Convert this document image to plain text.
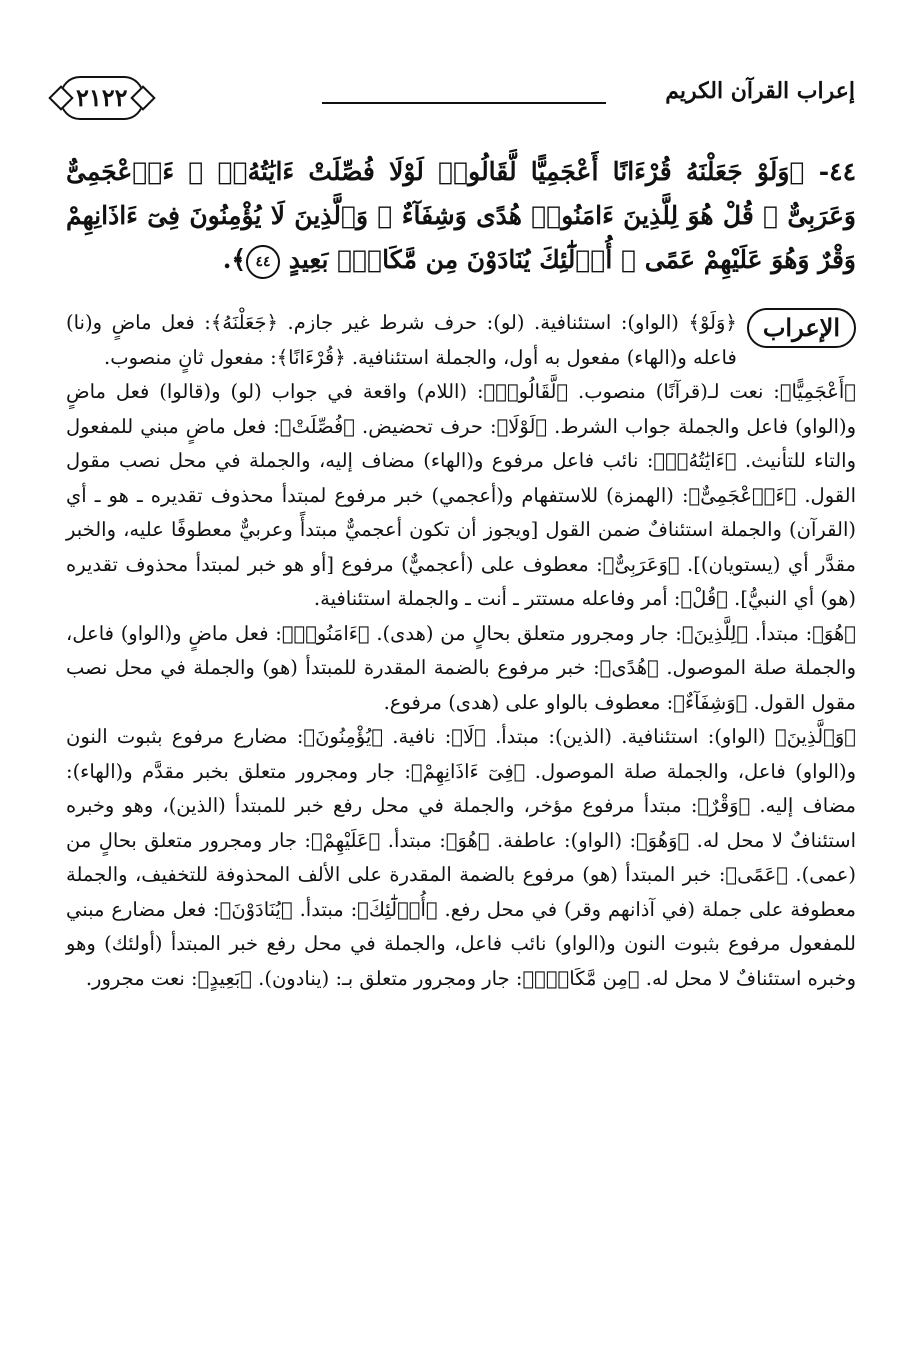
٢١٢٢	إعراب القرآن الكريم
٤٤- ﴿وَلَوْ جَعَلْنَهُ قُرْءَانًا أَعْجَمِيًّا لَّقَالُوا۟ لَوْلَا فُصِّلَتْ ءَايَٰتُهُۥٓ ۖ ءَا۬عْجَمِىٌّ وَعَرَبِىٌّ ۗ قُلْ هُوَ لِلَّذِينَ ءَامَنُوا۟ هُدًى وَشِفَآءٌ ۖ وَٱلَّذِينَ لَا يُؤْمِنُونَ فِىٓ ءَاذَانِهِمْ وَقْرٌ وَهُوَ عَلَيْهِمْ عَمًى ۚ أُو۟لَٰٓئِكَ يُنَادَوْنَ مِن مَّكَانٍۭ بَعِيدٍ ٤٤﴾.
الإعراب

﴿وَلَوْ﴾ (الواو): استئنافية. (لو): حرف شرط غير جازم. ﴿جَعَلْنَهُ﴾: فعل ماضٍ و(نا) فاعله و(الهاء) مفعول به أول، والجملة استئنافية. ﴿قُرْءَانًا﴾: مفعول ثانٍ منصوب.

﴿أَعْجَمِيًّا﴾: نعت لـ(قرآنًا) منصوب. ﴿لَّقَالُوا۟﴾: (اللام) واقعة في جواب (لو) و(قالوا) فعل ماضٍ و(الواو) فاعل والجملة جواب الشرط. ﴿لَوْلَا﴾: حرف تحضيض. ﴿فُصِّلَتْ﴾: فعل ماضٍ مبني للمفعول والتاء للتأنيث. ﴿ءَايَٰتُهُۥٓ﴾: نائب فاعل مرفوع و(الهاء) مضاف إليه، والجملة في محل نصب مقول القول. ﴿ءَا۬عْجَمِىٌّ﴾: (الهمزة) للاستفهام و(أعجمي) خبر مرفوع لمبتدأ محذوف تقديره ـ هو ـ أي (القرآن) والجملة استئنافٌ ضمن القول [ويجوز أن تكون أعجميٌّ مبتدأً وعربيٌّ معطوفًا عليه، والخبر مقدَّر أي (يستويان)]. ﴿وَعَرَبِىٌّ﴾: معطوف على (أعجميٌّ) مرفوع [أو هو خبر لمبتدأ محذوف تقديره (هو) أي النبيُّ]. ﴿قُلْ﴾: أمر وفاعله مستتر ـ أنت ـ والجملة استئنافية.

﴿هُوَ﴾: مبتدأ. ﴿لِلَّذِينَ﴾: جار ومجرور متعلق بحالٍ من (هدى). ﴿ءَامَنُوا۟﴾: فعل ماضٍ و(الواو) فاعل، والجملة صلة الموصول. ﴿هُدًى﴾: خبر مرفوع بالضمة المقدرة للمبتدأ (هو) والجملة في محل نصب مقول القول. ﴿وَشِفَآءٌ﴾: معطوف بالواو على (هدى) مرفوع.

﴿وَٱلَّذِينَ﴾ (الواو): استئنافية. (الذين): مبتدأ. ﴿لَا﴾: نافية. ﴿يُؤْمِنُونَ﴾: مضارع مرفوع بثبوت النون و(الواو) فاعل، والجملة صلة الموصول. ﴿فِىٓ ءَاذَانِهِمْ﴾: جار ومجرور متعلق بخبر مقدَّم و(الهاء): مضاف إليه. ﴿وَقْرٌ﴾: مبتدأ مرفوع مؤخر، والجملة في محل رفع خبر للمبتدأ (الذين)، وهو وخبره استئنافٌ لا محل له. ﴿وَهُوَ﴾: (الواو): عاطفة. ﴿هُوَ﴾: مبتدأ. ﴿عَلَيْهِمْ﴾: جار ومجرور متعلق بحالٍ من (عمى). ﴿عَمًى﴾: خبر المبتدأ (هو) مرفوع بالضمة المقدرة على الألف المحذوفة للتخفيف، والجملة معطوفة على جملة (في آذانهم وقر) في محل رفع. ﴿أُو۟لَٰٓئِكَ﴾: مبتدأ. ﴿يُنَادَوْنَ﴾: فعل مضارع مبني للمفعول مرفوع بثبوت النون و(الواو) نائب فاعل، والجملة في محل رفع خبر المبتدأ (أولئك) وهو وخبره استئنافٌ لا محل له. ﴿مِن مَّكَانٍۭ﴾: جار ومجرور متعلق بـ: (ينادون). ﴿بَعِيدٍ﴾: نعت مجرور.
